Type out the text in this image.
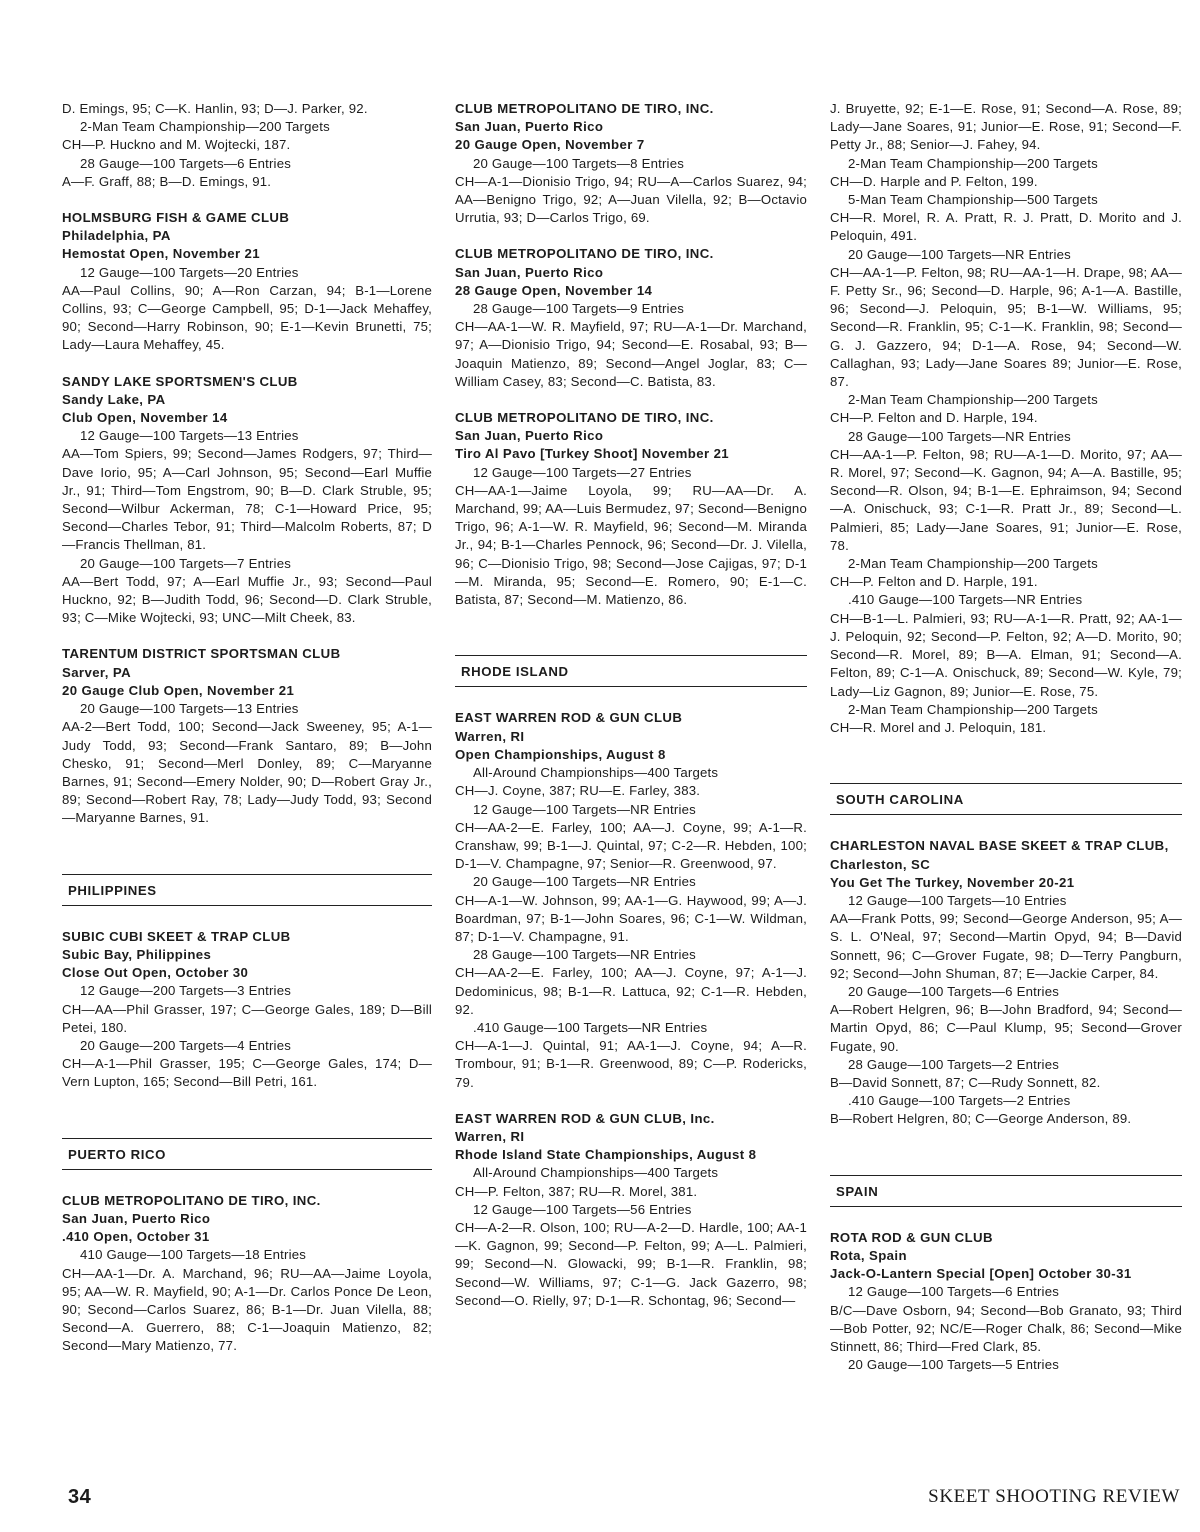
D. Emings, 95; C—K. Hanlin, 93; D—J. Parker, 92.
2-Man Team Championship—200 Targets
CH—P. Huckno and M. Wojtecki, 187.
28 Gauge—100 Targets—6 Entries
A—F. Graff, 88; B—D. Emings, 91.
HOLMSBURG FISH & GAME CLUB
Philadelphia, PA
Hemostat Open, November 21
12 Gauge—100 Targets—20 Entries
AA—Paul Collins, 90; A—Ron Carzan, 94; B-1—Lorene Collins, 93; C—George Campbell, 95; D-1—Jack Mehaffey, 90; Second—Harry Robinson, 90; E-1—Kevin Brunetti, 75; Lady—Laura Mehaffey, 45.
SANDY LAKE SPORTSMEN'S CLUB
Sandy Lake, PA
Club Open, November 14
12 Gauge—100 Targets—13 Entries
AA—Tom Spiers, 99; Second—James Rodgers, 97; Third—Dave Iorio, 95; A—Carl Johnson, 95; Second—Earl Muffie Jr., 91; Third—Tom Engstrom, 90; B—D. Clark Struble, 95; Second—Wilbur Ackerman, 78; C-1—Howard Price, 95; Second—Charles Tebor, 91; Third—Malcolm Roberts, 87; D—Francis Thellman, 81.
20 Gauge—100 Targets—7 Entries
AA—Bert Todd, 97; A—Earl Muffie Jr., 93; Second—Paul Huckno, 92; B—Judith Todd, 96; Second—D. Clark Struble, 93; C—Mike Wojtecki, 93; UNC—Milt Cheek, 83.
TARENTUM DISTRICT SPORTSMAN CLUB
Sarver, PA
20 Gauge Club Open, November 21
20 Gauge—100 Targets—13 Entries
AA-2—Bert Todd, 100; Second—Jack Sweeney, 95; A-1—Judy Todd, 93; Second—Frank Santaro, 89; B—John Chesko, 91; Second—Merl Donley, 89; C—Maryanne Barnes, 91; Second—Emery Nolder, 90; D—Robert Gray Jr., 89; Second—Robert Ray, 78; Lady—Judy Todd, 93; Second—Maryanne Barnes, 91.
PHILIPPINES
SUBIC CUBI SKEET & TRAP CLUB
Subic Bay, Philippines
Close Out Open, October 30
12 Gauge—200 Targets—3 Entries
CH—AA—Phil Grasser, 197; C—George Gales, 189; D—Bill Petei, 180.
20 Gauge—200 Targets—4 Entries
CH—A-1—Phil Grasser, 195; C—George Gales, 174; D—Vern Lupton, 165; Second—Bill Petri, 161.
PUERTO RICO
CLUB METROPOLITANO DE TIRO, INC.
San Juan, Puerto Rico
.410 Open, October 31
410 Gauge—100 Targets—18 Entries
CH—AA-1—Dr. A. Marchand, 96; RU—AA—Jaime Loyola, 95; AA—W. R. Mayfield, 90; A-1—Dr. Carlos Ponce De Leon, 90; Second—Carlos Suarez, 86; B-1—Dr. Juan Vilella, 88; Second—A. Guerrero, 88; C-1—Joaquin Matienzo, 82; Second—Mary Matienzo, 77.
CLUB METROPOLITANO DE TIRO, INC.
San Juan, Puerto Rico
20 Gauge Open, November 7
20 Gauge—100 Targets—8 Entries
CH—A-1—Dionisio Trigo, 94; RU—A—Carlos Suarez, 94; AA—Benigno Trigo, 92; A—Juan Vilella, 92; B—Octavio Urrutia, 93; D—Carlos Trigo, 69.
CLUB METROPOLITANO DE TIRO, INC.
San Juan, Puerto Rico
28 Gauge Open, November 14
28 Gauge—100 Targets—9 Entries
CH—AA-1—W. R. Mayfield, 97; RU—A-1—Dr. Marchand, 97; A—Dionisio Trigo, 94; Second—E. Rosabal, 93; B—Joaquin Matienzo, 89; Second—Angel Joglar, 83; C—William Casey, 83; Second—C. Batista, 83.
CLUB METROPOLITANO DE TIRO, INC.
San Juan, Puerto Rico
Tiro Al Pavo [Turkey Shoot] November 21
12 Gauge—100 Targets—27 Entries
CH—AA-1—Jaime Loyola, 99; RU—AA—Dr. A. Marchand, 99; AA—Luis Bermudez, 97; Second—Benigno Trigo, 96; A-1—W. R. Mayfield, 96; Second—M. Miranda Jr., 94; B-1—Charles Pennock, 96; Second—Dr. J. Vilella, 96; C—Dionisio Trigo, 98; Second—Jose Cajigas, 97; D-1—M. Miranda, 95; Second—E. Romero, 90; E-1—C. Batista, 87; Second—M. Matienzo, 86.
RHODE ISLAND
EAST WARREN ROD & GUN CLUB
Warren, RI
Open Championships, August 8
All-Around Championships—400 Targets
CH—J. Coyne, 387; RU—E. Farley, 383.
12 Gauge—100 Targets—NR Entries
CH—AA-2—E. Farley, 100; AA—J. Coyne, 99; A-1—R. Cranshaw, 99; B-1—J. Quintal, 97; C-2—R. Hebden, 100; D-1—V. Champagne, 97; Senior—R. Greenwood, 97.
20 Gauge—100 Targets—NR Entries
CH—A-1—W. Johnson, 99; AA-1—G. Haywood, 99; A—J. Boardman, 97; B-1—John Soares, 96; C-1—W. Wildman, 87; D-1—V. Champagne, 91.
28 Gauge—100 Targets—NR Entries
CH—AA-2—E. Farley, 100; AA—J. Coyne, 97; A-1—J. Dedominicus, 98; B-1—R. Lattuca, 92; C-1—R. Hebden, 92.
.410 Gauge—100 Targets—NR Entries
CH—A-1—J. Quintal, 91; AA-1—J. Coyne, 94; A—R. Trombour, 91; B-1—R. Greenwood, 89; C—P. Rodericks, 79.
EAST WARREN ROD & GUN CLUB, Inc.
Warren, RI
Rhode Island State Championships, August 8
All-Around Championships—400 Targets
CH—P. Felton, 387; RU—R. Morel, 381.
12 Gauge—100 Targets—56 Entries
CH—A-2—R. Olson, 100; RU—A-2—D. Hardle, 100; AA-1—K. Gagnon, 99; Second—P. Felton, 99; A—L. Palmieri, 99; Second—N. Glowacki, 99; B-1—R. Franklin, 98; Second—W. Williams, 97; C-1—G. Jack Gazerro, 98; Second—O. Rielly, 97; D-1—R. Schontag, 96; Second—
J. Bruyette, 92; E-1—E. Rose, 91; Second—A. Rose, 89; Lady—Jane Soares, 91; Junior—E. Rose, 91; Second—F. Petty Jr., 88; Senior—J. Fahey, 94.
2-Man Team Championship—200 Targets
CH—D. Harple and P. Felton, 199.
5-Man Team Championship—500 Targets
CH—R. Morel, R. A. Pratt, R. J. Pratt, D. Morito and J. Peloquin, 491.
20 Gauge—100 Targets—NR Entries
CH—AA-1—P. Felton, 98; RU—AA-1—H. Drape, 98; AA—F. Petty Sr., 96; Second—D. Harple, 96; A-1—A. Bastille, 96; Second—J. Peloquin, 95; B-1—W. Williams, 95; Second—R. Franklin, 95; C-1—K. Franklin, 98; Second—G. J. Gazzero, 94; D-1—A. Rose, 94; Second—W. Callaghan, 93; Lady—Jane Soares 89; Junior—E. Rose, 87.
2-Man Team Championship—200 Targets
CH—P. Felton and D. Harple, 194.
28 Gauge—100 Targets—NR Entries
CH—AA-1—P. Felton, 98; RU—A-1—D. Morito, 97; AA—R. Morel, 97; Second—K. Gagnon, 94; A—A. Bastille, 95; Second—R. Olson, 94; B-1—E. Ephraimson, 94; Second—A. Onischuck, 93; C-1—R. Pratt Jr., 89; Second—L. Palmieri, 85; Lady—Jane Soares, 91; Junior—E. Rose, 78.
2-Man Team Championship—200 Targets
CH—P. Felton and D. Harple, 191.
.410 Gauge—100 Targets—NR Entries
CH—B-1—L. Palmieri, 93; RU—A-1—R. Pratt, 92; AA-1—J. Peloquin, 92; Second—P. Felton, 92; A—D. Morito, 90; Second—R. Morel, 89; B—A. Elman, 91; Second—A. Felton, 89; C-1—A. Onischuck, 89; Second—W. Kyle, 79; Lady—Liz Gagnon, 89; Junior—E. Rose, 75.
2-Man Team Championship—200 Targets
CH—R. Morel and J. Peloquin, 181.
SOUTH CAROLINA
CHARLESTON NAVAL BASE SKEET & TRAP CLUB, Charleston, SC
You Get The Turkey, November 20-21
12 Gauge—100 Targets—10 Entries
AA—Frank Potts, 99; Second—George Anderson, 95; A—S. L. O'Neal, 97; Second—Martin Opyd, 94; B—David Sonnett, 96; C—Grover Fugate, 98; D—Terry Pangburn, 92; Second—John Shuman, 87; E—Jackie Carper, 84.
20 Gauge—100 Targets—6 Entries
A—Robert Helgren, 96; B—John Bradford, 94; Second—Martin Opyd, 86; C—Paul Klump, 95; Second—Grover Fugate, 90.
28 Gauge—100 Targets—2 Entries
B—David Sonnett, 87; C—Rudy Sonnett, 82.
.410 Gauge—100 Targets—2 Entries
B—Robert Helgren, 80; C—George Anderson, 89.
SPAIN
ROTA ROD & GUN CLUB
Rota, Spain
Jack-O-Lantern Special [Open] October 30-31
12 Gauge—100 Targets—6 Entries
B/C—Dave Osborn, 94; Second—Bob Granato, 93; Third—Bob Potter, 92; NC/E—Roger Chalk, 86; Second—Mike Stinnett, 86; Third—Fred Clark, 85.
20 Gauge—100 Targets—5 Entries
34	SKEET SHOOTING REVIEW
